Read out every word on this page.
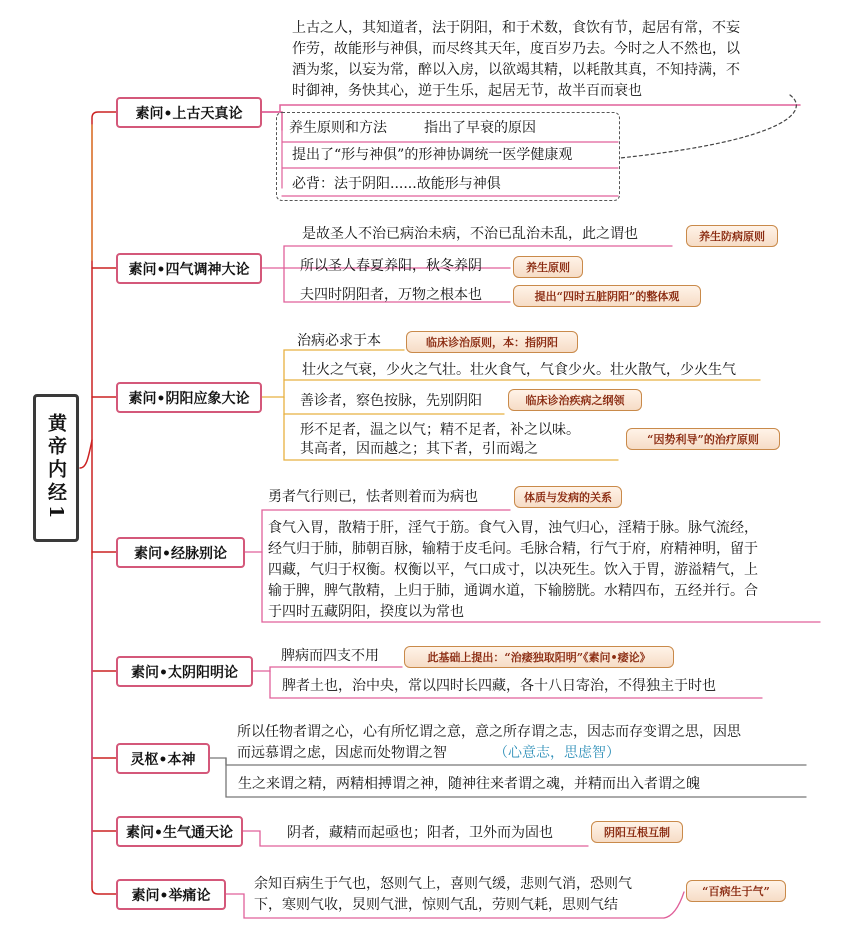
黄帝内经1
素问•上古天真论
上古之人，其知道者，法于阴阳，和于术数，食饮有节，起居有常，不妄
作劳，故能形与神俱，而尽终其天年，度百岁乃去。今时之人不然也，以
酒为浆，以妄为常，醉以入房，以欲竭其精，以耗散其真，不知持满，不
时御神，务快其心，逆于生乐，起居无节，故半百而衰也
养生原则和方法	指出了早衰的原因
提出了“形与神俱”的形神协调统一医学健康观
必背：法于阴阳......故能形与神俱
素问•四气调神大论
是故圣人不治已病治未病，不治已乱治未乱，此之谓也	养生防病原则
所以圣人春夏养阳，秋冬养阴	养生原则
夫四时阴阳者，万物之根本也	提出“四时五脏阴阳”的整体观
素问•阴阳应象大论
治病必求于本	临床诊治原则，本：指阴阳
壮火之气衰，少火之气壮。壮火食气，气食少火。壮火散气，少火生气
善诊者，察色按脉，先别阴阳	临床诊治疾病之纲领
形不足者，温之以气；精不足者，补之以味。
其高者，因而越之；其下者，引而竭之
“因势利导”的治疗原则
素问•经脉别论
勇者气行则已，怯者则着而为病也	体质与发病的关系
食气入胃，散精于肝，淫气于筋。食气入胃，浊气归心，淫精于脉。脉气流经，
经气归于肺，肺朝百脉，输精于皮毛问。毛脉合精，行气于府，府精神明，留于
四藏，气归于权衡。权衡以平，气口成寸，以决死生。饮入于胃，游溢精气，上
输于脾，脾气散精，上归于肺，通调水道，下输膀胱。水精四布，五经并行。合
于四时五藏阴阳，揆度以为常也
素问•太阴阳明论
脾病而四支不用	此基础上提出：“治痿独取阳明”《素问•痿论》
脾者土也，治中央，常以四时长四藏，各十八日寄治，不得独主于时也
灵枢•本神
所以任物者谓之心，心有所忆谓之意，意之所存谓之志，因志而存变谓之思，因思
而远慕谓之虑，因虑而处物谓之智	（心意志，思虑智）
生之来谓之精，两精相搏谓之神，随神往来者谓之魂，并精而出入者谓之魄
素问•生气通天论	阴者，藏精而起亟也；阳者，卫外而为固也	阴阳互根互制
素问•举痛论
余知百病生于气也，怒则气上，喜则气缓，悲则气消，恐则气
下，寒则气收，炅则气泄，惊则气乱，劳则气耗，思则气结
“百病生于气”
